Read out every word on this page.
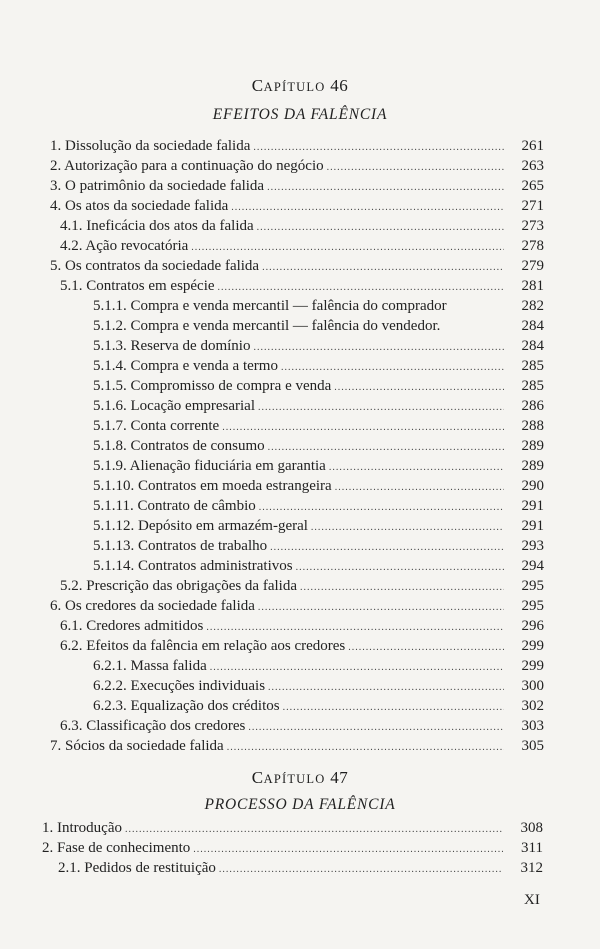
CAPÍTULO 46
EFEITOS DA FALÊNCIA
1. Dissolução da sociedade falida .....	261
2. Autorização para a continuação do negócio .....	263
3. O patrimônio da sociedade falida .....	265
4. Os atos da sociedade falida .....	271
4.1. Ineficácia dos atos da falida .....	273
4.2. Ação revocatória .....	278
5. Os contratos da sociedade falida .....	279
5.1. Contratos em espécie .....	281
5.1.1. Compra e venda mercantil — falência do comprador	282
5.1.2. Compra e venda mercantil — falência do vendedor.	284
5.1.3. Reserva de domínio .....	284
5.1.4. Compra e venda a termo .....	285
5.1.5. Compromisso de compra e venda .....	285
5.1.6. Locação empresarial .....	286
5.1.7. Conta corrente .....	288
5.1.8. Contratos de consumo .....	289
5.1.9. Alienação fiduciária em garantia .....	289
5.1.10. Contratos em moeda estrangeira .....	290
5.1.11. Contrato de câmbio .....	291
5.1.12. Depósito em armazém-geral .....	291
5.1.13. Contratos de trabalho .....	293
5.1.14. Contratos administrativos .....	294
5.2. Prescrição das obrigações da falida .....	295
6. Os credores da sociedade falida .....	295
6.1. Credores admitidos .....	296
6.2. Efeitos da falência em relação aos credores .....	299
6.2.1. Massa falida .....	299
6.2.2. Execuções individuais .....	300
6.2.3. Equalização dos créditos .....	302
6.3. Classificação dos credores .....	303
7. Sócios da sociedade falida .....	305
CAPÍTULO 47
PROCESSO DA FALÊNCIA
1. Introdução .....	308
2. Fase de conhecimento .....	311
2.1. Pedidos de restituição .....	312
XI
